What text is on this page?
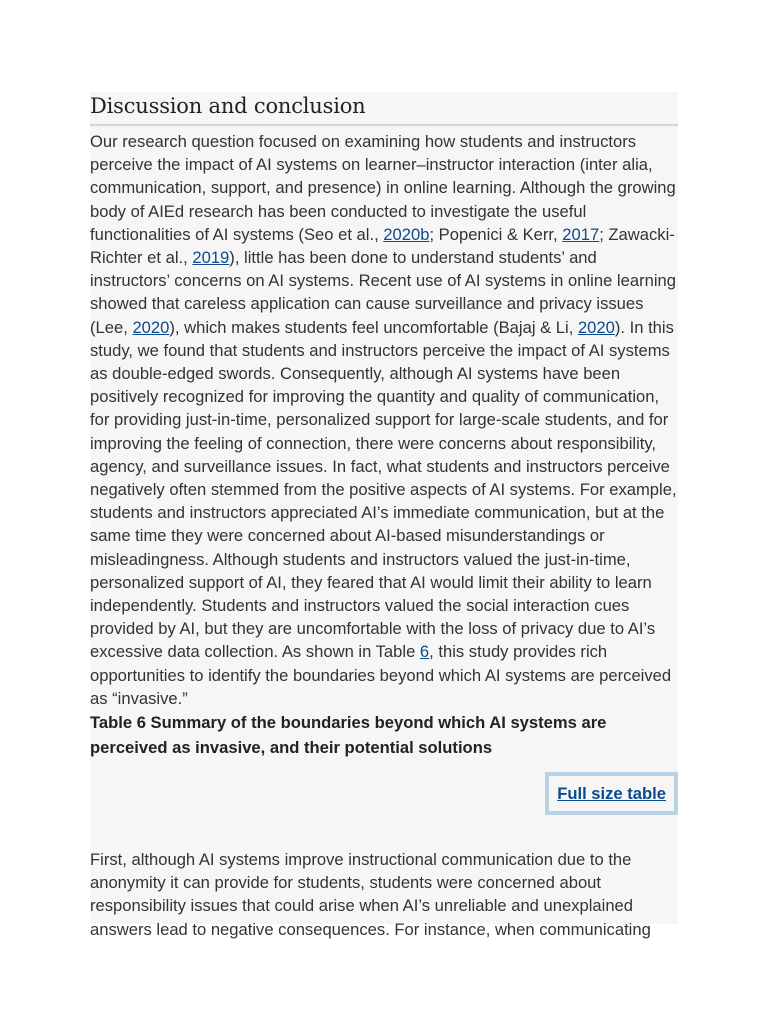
Discussion and conclusion

Our research question focused on examining how students and instructors perceive the impact of AI systems on learner–instructor interaction (inter alia, communication, support, and presence) in online learning. Although the growing body of AIEd research has been conducted to investigate the useful functionalities of AI systems (Seo et al., 2020b; Popenici & Kerr, 2017; Zawacki-Richter et al., 2019), little has been done to understand students’ and instructors’ concerns on AI systems. Recent use of AI systems in online learning showed that careless application can cause surveillance and privacy issues (Lee, 2020), which makes students feel uncomfortable (Bajaj & Li, 2020). In this study, we found that students and instructors perceive the impact of AI systems as double-edged swords. Consequently, although AI systems have been positively recognized for improving the quantity and quality of communication, for providing just-in-time, personalized support for large-scale students, and for improving the feeling of connection, there were concerns about responsibility, agency, and surveillance issues. In fact, what students and instructors perceive negatively often stemmed from the positive aspects of AI systems. For example, students and instructors appreciated AI’s immediate communication, but at the same time they were concerned about AI-based misunderstandings or misleadingness. Although students and instructors valued the just-in-time, personalized support of AI, they feared that AI would limit their ability to learn independently. Students and instructors valued the social interaction cues provided by AI, but they are uncomfortable with the loss of privacy due to AI’s excessive data collection. As shown in Table 6, this study provides rich opportunities to identify the boundaries beyond which AI systems are perceived as “invasive.”

Table 6 Summary of the boundaries beyond which AI systems are perceived as invasive, and their potential solutions

Full size table

First, although AI systems improve instructional communication due to the anonymity it can provide for students, students were concerned about responsibility issues that could arise when AI’s unreliable and unexplained answers lead to negative consequences. For instance, when communicating
